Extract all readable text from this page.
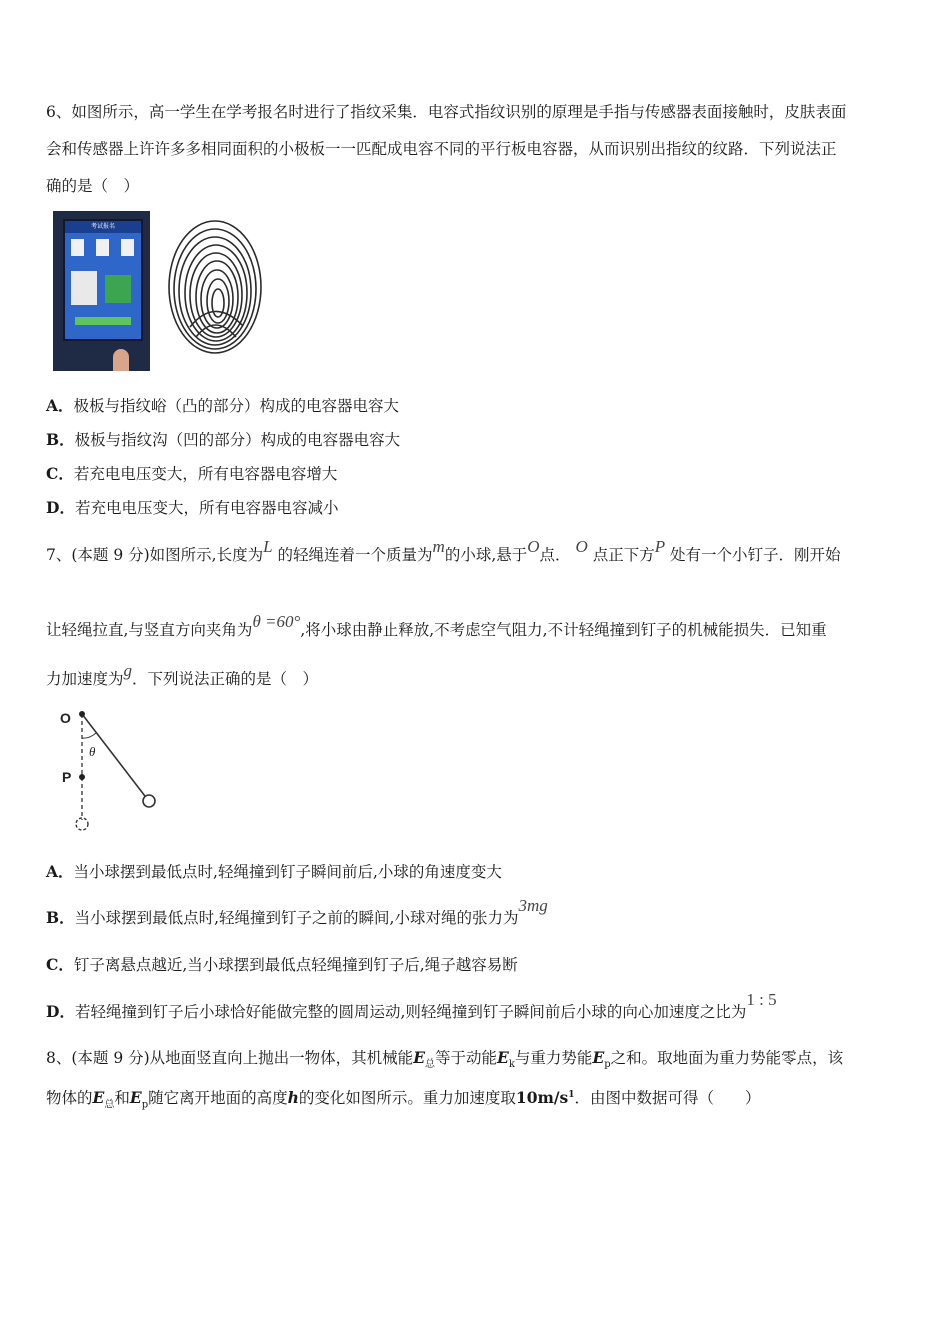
6、如图所示，高一学生在学考报名时进行了指纹采集．电容式指纹识别的原理是手指与传感器表面接触时，皮肤表面
会和传感器上许许多多相同面积的小极板一一匹配成电容不同的平行板电容器，从而识别出指纹的纹路．下列说法正
确的是（　）
考试报名
A．极板与指纹峪（凸的部分）构成的电容器电容大
B．极板与指纹沟（凹的部分）构成的电容器电容大
C．若充电电压变大，所有电容器电容增大
D．若充电电压变大，所有电容器电容减小
7、(本题 9 分)如图所示,长度为L 的轻绳连着一个质量为m的小球,悬于O点． O 点正下方P 处有一个小钉子．刚开始
让轻绳拉直,与竖直方向夹角为θ =60°,将小球由静止释放,不考虑空气阻力,不计轻绳撞到钉子的机械能损失．已知重
力加速度为g．下列说法正确的是（　）
O
P
θ
A．当小球摆到最低点时,轻绳撞到钉子瞬间前后,小球的角速度变大
B．当小球摆到最低点时,轻绳撞到钉子之前的瞬间,小球对绳的张力为3mg
C．钉子离悬点越近,当小球摆到最低点轻绳撞到钉子后,绳子越容易断
D．若轻绳撞到钉子后小球恰好能做完整的圆周运动,则轻绳撞到钉子瞬间前后小球的向心加速度之比为1 : 5
8、(本题 9 分)从地面竖直向上抛出一物体，其机械能$E_总$等于动能$E_k$与重力势能$E_p$之和。取地面为重力势能零点，该
物体的$E_总$和$E_p$随它离开地面的高度h的变化如图所示。重力加速度取$10m/s^1$．由图中数据可得（　　）
